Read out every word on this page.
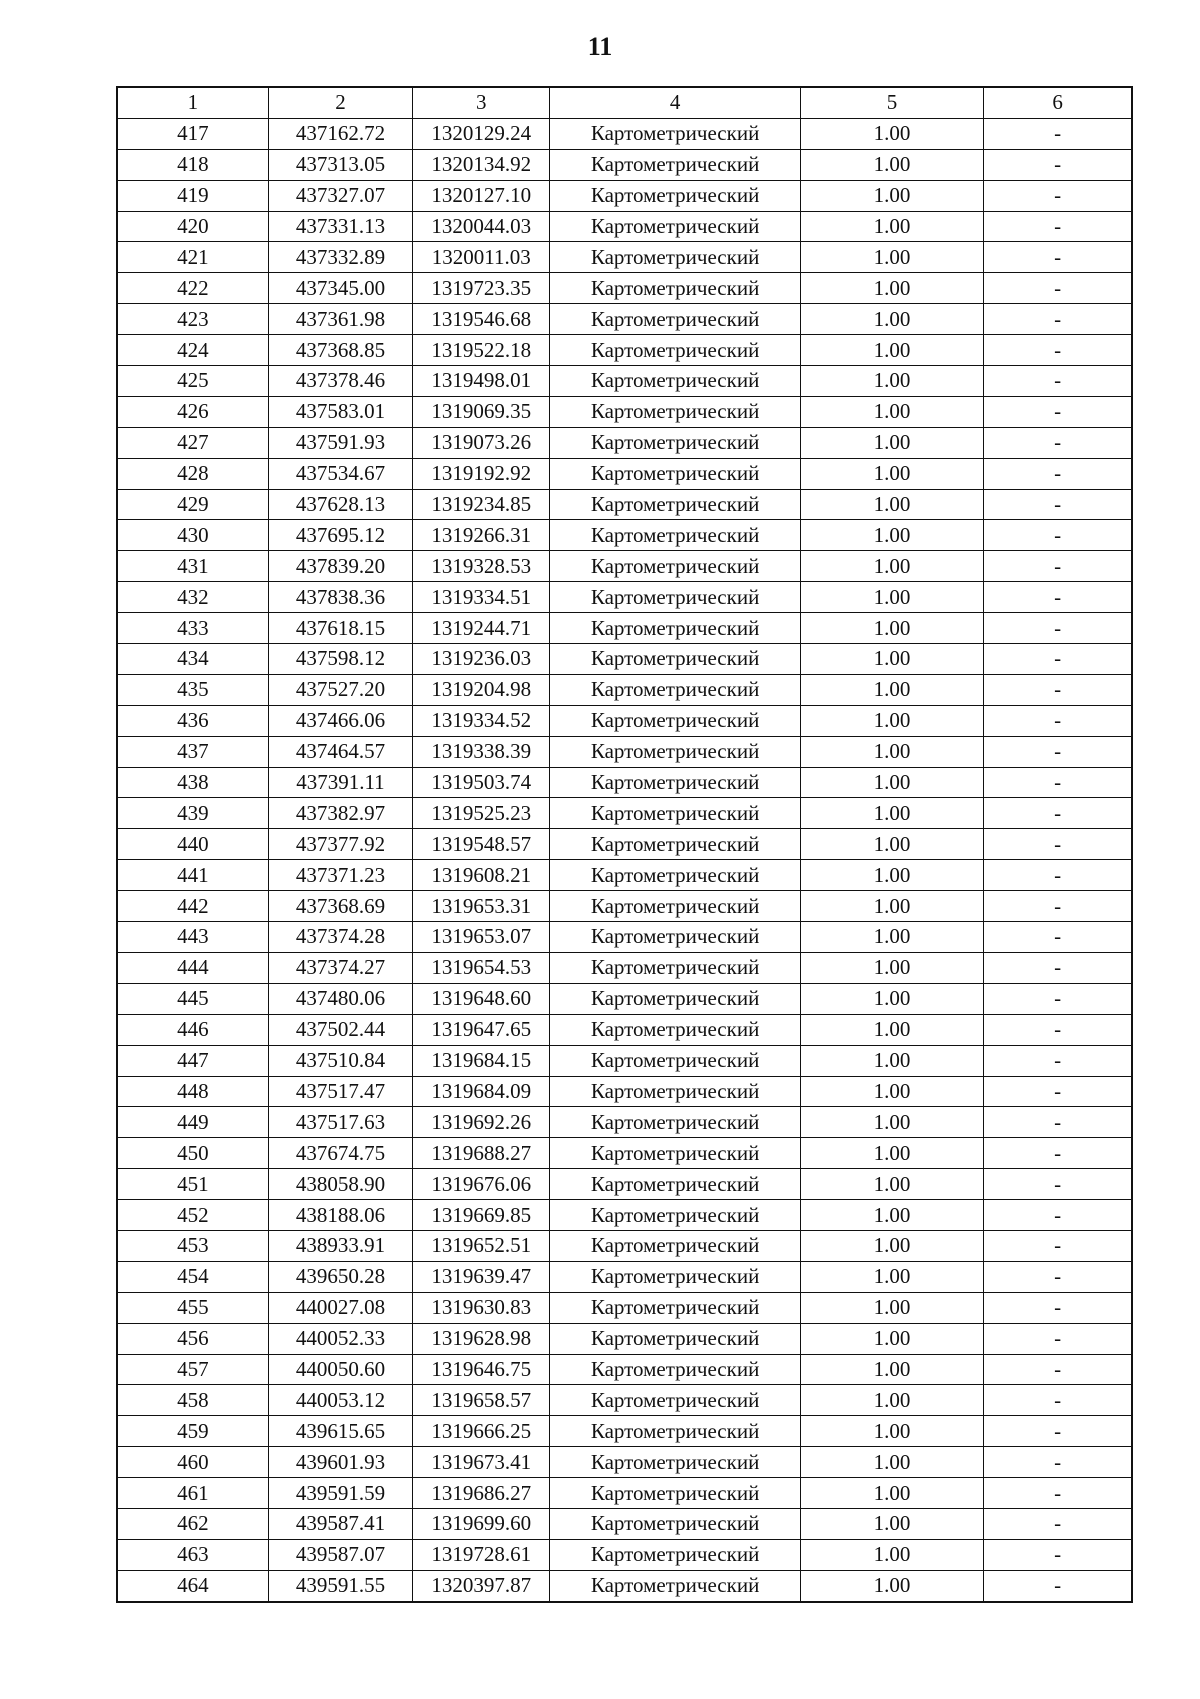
11
1	2	3	4	5	6
417	437162.72	1320129.24	Картометрический	1.00	-
418	437313.05	1320134.92	Картометрический	1.00	-
419	437327.07	1320127.10	Картометрический	1.00	-
420	437331.13	1320044.03	Картометрический	1.00	-
421	437332.89	1320011.03	Картометрический	1.00	-
422	437345.00	1319723.35	Картометрический	1.00	-
423	437361.98	1319546.68	Картометрический	1.00	-
424	437368.85	1319522.18	Картометрический	1.00	-
425	437378.46	1319498.01	Картометрический	1.00	-
426	437583.01	1319069.35	Картометрический	1.00	-
427	437591.93	1319073.26	Картометрический	1.00	-
428	437534.67	1319192.92	Картометрический	1.00	-
429	437628.13	1319234.85	Картометрический	1.00	-
430	437695.12	1319266.31	Картометрический	1.00	-
431	437839.20	1319328.53	Картометрический	1.00	-
432	437838.36	1319334.51	Картометрический	1.00	-
433	437618.15	1319244.71	Картометрический	1.00	-
434	437598.12	1319236.03	Картометрический	1.00	-
435	437527.20	1319204.98	Картометрический	1.00	-
436	437466.06	1319334.52	Картометрический	1.00	-
437	437464.57	1319338.39	Картометрический	1.00	-
438	437391.11	1319503.74	Картометрический	1.00	-
439	437382.97	1319525.23	Картометрический	1.00	-
440	437377.92	1319548.57	Картометрический	1.00	-
441	437371.23	1319608.21	Картометрический	1.00	-
442	437368.69	1319653.31	Картометрический	1.00	-
443	437374.28	1319653.07	Картометрический	1.00	-
444	437374.27	1319654.53	Картометрический	1.00	-
445	437480.06	1319648.60	Картометрический	1.00	-
446	437502.44	1319647.65	Картометрический	1.00	-
447	437510.84	1319684.15	Картометрический	1.00	-
448	437517.47	1319684.09	Картометрический	1.00	-
449	437517.63	1319692.26	Картометрический	1.00	-
450	437674.75	1319688.27	Картометрический	1.00	-
451	438058.90	1319676.06	Картометрический	1.00	-
452	438188.06	1319669.85	Картометрический	1.00	-
453	438933.91	1319652.51	Картометрический	1.00	-
454	439650.28	1319639.47	Картометрический	1.00	-
455	440027.08	1319630.83	Картометрический	1.00	-
456	440052.33	1319628.98	Картометрический	1.00	-
457	440050.60	1319646.75	Картометрический	1.00	-
458	440053.12	1319658.57	Картометрический	1.00	-
459	439615.65	1319666.25	Картометрический	1.00	-
460	439601.93	1319673.41	Картометрический	1.00	-
461	439591.59	1319686.27	Картометрический	1.00	-
462	439587.41	1319699.60	Картометрический	1.00	-
463	439587.07	1319728.61	Картометрический	1.00	-
464	439591.55	1320397.87	Картометрический	1.00	-
